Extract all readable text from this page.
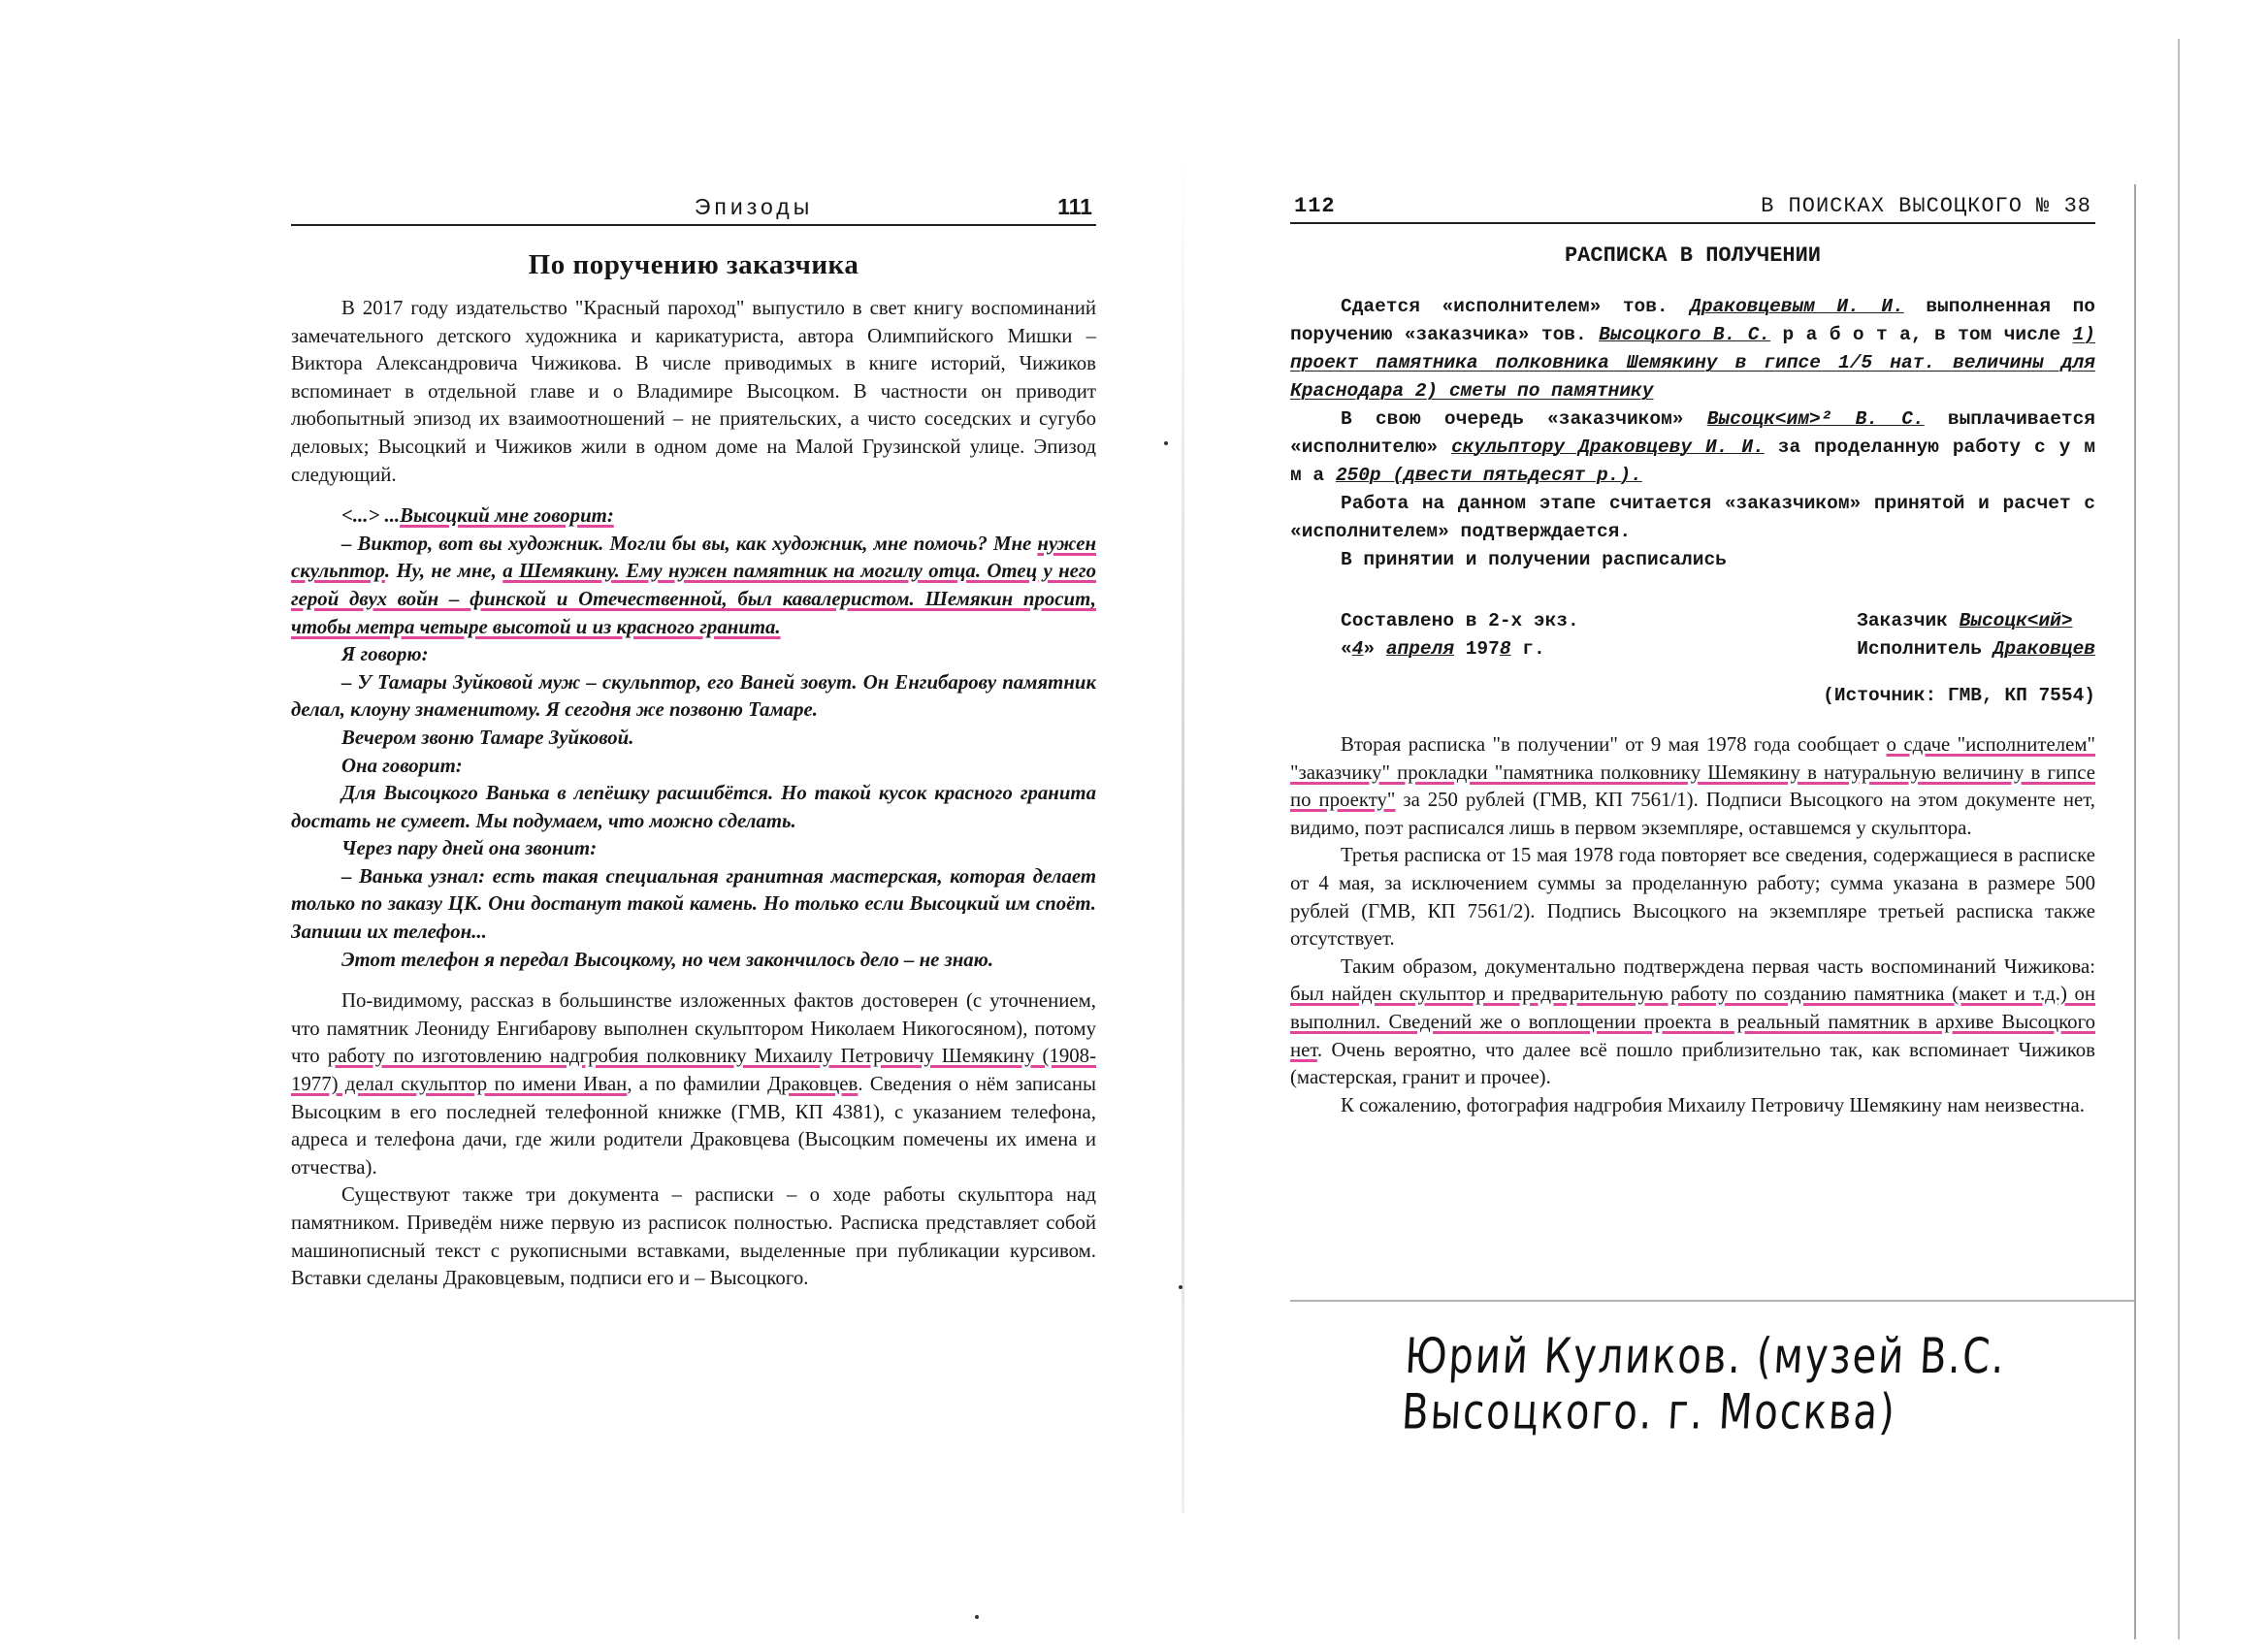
Эпизоды	111
По поручению заказчика

В 2017 году издательство "Красный пароход" выпустило в свет книгу воспоминаний замечательного детского художника и карикатуриста, автора Олимпийского Мишки – Виктора Александровича Чижикова. В числе приводимых в книге историй, Чижиков вспоминает в отдельной главе и о Владимире Высоцком. В частности он приводит любопытный эпизод их взаимоотношений – не приятельских, а чисто соседских и сугубо деловых; Высоцкий и Чижиков жили в одном доме на Малой Грузинской улице. Эпизод следующий.

<...> ...Высоцкий мне говорит:

– Виктор, вот вы художник. Могли бы вы, как художник, мне помочь? Мне нужен скульптор. Ну, не мне, а Шемякину. Ему нужен памятник на могилу отца. Отец у него герой двух войн – финской и Отечественной, был кавалеристом. Шемякин просит, чтобы метра четыре высотой и из красного гранита.

Я говорю:

– У Тамары Зуйковой муж – скульптор, его Ваней зовут. Он Енгибарову памятник делал, клоуну знаменитому. Я сегодня же позвоню Тамаре.

Вечером звоню Тамаре Зуйковой.

Она говорит:

Для Высоцкого Ванька в лепёшку расшибётся. Но такой кусок красного гранита достать не сумеет. Мы подумаем, что можно сделать.

Через пару дней она звонит:

– Ванька узнал: есть такая специальная гранитная мастерская, которая делает только по заказу ЦК. Они достанут такой камень. Но только если Высоцкий им споёт. Запиши их телефон...

Этот телефон я передал Высоцкому, но чем закончилось дело – не знаю.

По-видимому, рассказ в большинстве изложенных фактов достоверен (с уточнением, что памятник Леониду Енгибарову выполнен скульптором Николаем Никогосяном), потому что работу по изготовлению надгробия полковнику Михаилу Петровичу Шемякину (1908-1977) делал скульптор по имени Иван, а по фамилии Драковцев. Сведения о нём записаны Высоцким в его последней телефонной книжке (ГМВ, КП 4381), с указанием телефона, адреса и телефона дачи, где жили родители Драковцева (Высоцким помечены их имена и отчества).

Существуют также три документа – расписки – о ходе работы скульптора над памятником. Приведём ниже первую из расписок полностью. Расписка представляет собой машинописный текст с рукописными вставками, выделенные при публикации курсивом. Вставки сделаны Драковцевым, подписи его и – Высоцкого.

112	В ПОИСКАХ ВЫСОЦКОГО № 38
РАСПИСКА В ПОЛУЧЕНИИ

Сдается «исполнителем» тов. Драковцевым И. И. выполненная по поручению «заказчика» тов. Высоцкого В. С. р а б о т а, в том числе 1) проект памятника полковника Шемякину в гипсе 1/5 нат. величины для Краснодара 2) сметы по памятнику

В свою очередь «заказчиком» Высоцк<им>² В. С. выплачивается «исполнителю» скульптору Драковцеву И. И. за проделанную работу с у м м а 250р (двести пятьдесят р.).

Работа на данном этапе считается «заказчиком» принятой и расчет с «исполнителем» подтверждается.

В принятии и получении расписались

Составлено в 2-х экз.
«4» апреля 1978 г.
Заказчик Высоцк<ий>
Исполнитель Драковцев
(Источник: ГМВ, КП 7554)

Вторая расписка "в получении" от 9 мая 1978 года сообщает о сдаче "исполнителем" "заказчику" прокладки "памятника полковнику Шемякину в натуральную величину в гипсе по проекту" за 250 рублей (ГМВ, КП 7561/1). Подписи Высоцкого на этом документе нет, видимо, поэт расписался лишь в первом экземпляре, оставшемся у скульптора.

Третья расписка от 15 мая 1978 года повторяет все сведения, содержащиеся в расписке от 4 мая, за исключением суммы за проделанную работу; сумма указана в размере 500 рублей (ГМВ, КП 7561/2). Подпись Высоцкого на экземпляре третьей расписка также отсутствует.

Таким образом, документально подтверждена первая часть воспоминаний Чижикова: был найден скульптор и предварительную работу по созданию памятника (макет и т.д.) он выполнил. Сведений же о воплощении проекта в реальный памятник в архиве Высоцкого нет. Очень вероятно, что далее всё пошло приблизительно так, как вспоминает Чижиков (мастерская, гранит и прочее).

К сожалению, фотография надгробия Михаилу Петровичу Шемякину нам неизвестна.

Юрий Куликов. (музей В.С. Высоцкого. г. Москва)
